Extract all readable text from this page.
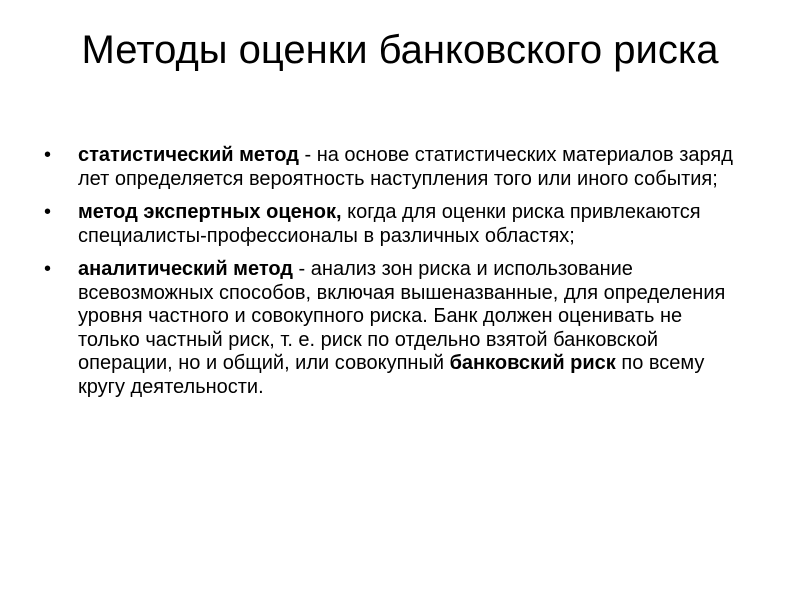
Методы оценки банковского риска
•	статистический метод - на основе статистических материалов заряд лет определяется вероятность наступления того или иного события;
•	метод экспертных оценок, когда для оценки риска привлекаются специалисты-профессионалы в различных областях;
•	аналитический метод - анализ зон риска и использование всевозможных способов, включая вышеназванные, для определения уровня частного и совокупного риска. Банк должен оценивать не только частный риск, т. е. риск по отдельно взятой банковской операции, но и общий, или совокупный банковский риск по всему кругу деятельности.
